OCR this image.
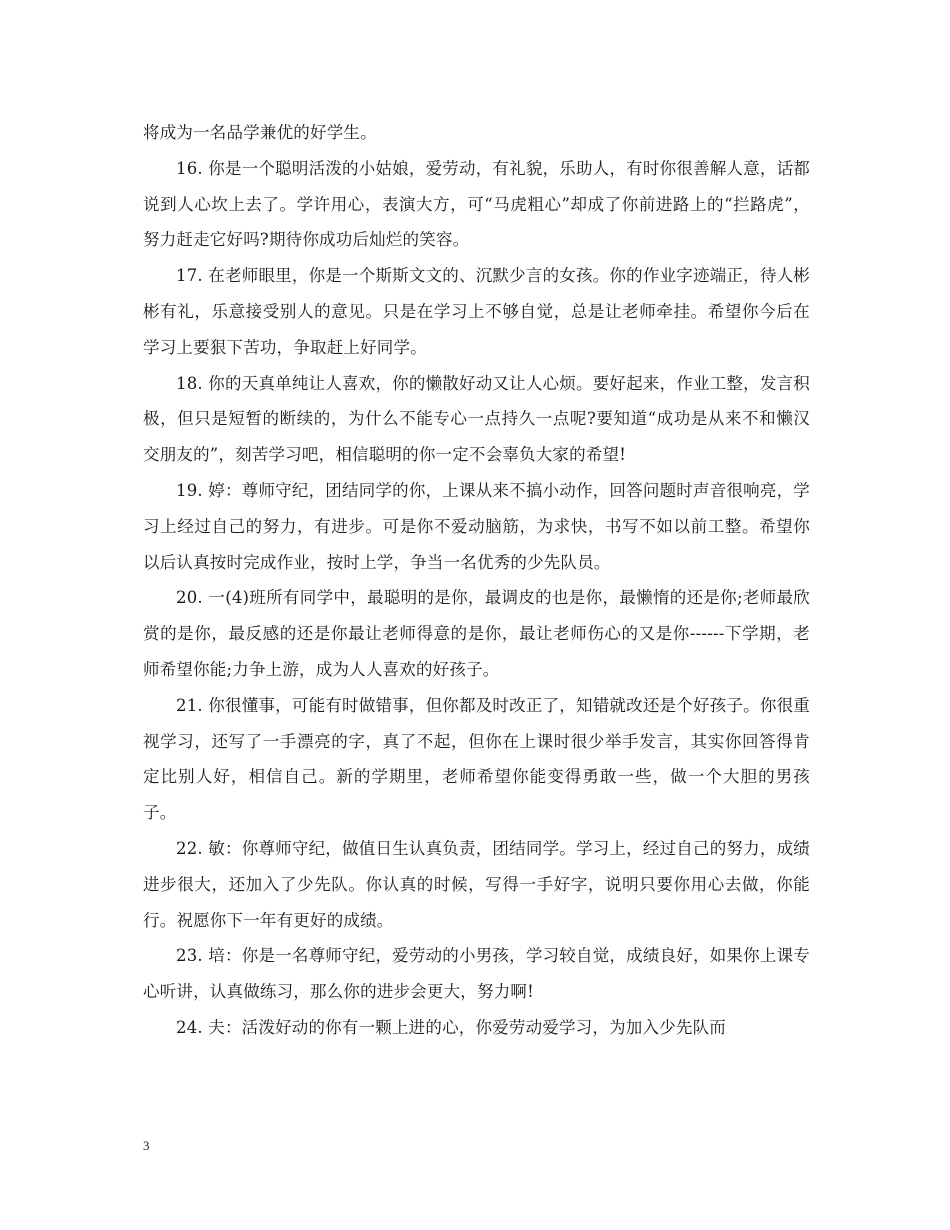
将成为一名品学兼优的好学生。

16. 你是一个聪明活泼的小姑娘，爱劳动，有礼貌，乐助人，有时你很善解人意，话都说到人心坎上去了。学许用心，表演大方，可“马虎粗心”却成了你前进路上的“拦路虎”，努力赶走它好吗?期待你成功后灿烂的笑容。

17. 在老师眼里，你是一个斯斯文文的、沉默少言的女孩。你的作业字迹端正，待人彬彬有礼，乐意接受别人的意见。只是在学习上不够自觉，总是让老师牵挂。希望你今后在学习上要狠下苦功，争取赶上好同学。

18. 你的天真单纯让人喜欢，你的懒散好动又让人心烦。要好起来，作业工整，发言积极，但只是短暂的断续的，为什么不能专心一点持久一点呢?要知道“成功是从来不和懒汉交朋友的”，刻苦学习吧，相信聪明的你一定不会辜负大家的希望!

19. 婷：尊师守纪，团结同学的你，上课从来不搞小动作，回答问题时声音很响亮，学习上经过自己的努力，有进步。可是你不爱动脑筋，为求快，书写不如以前工整。希望你以后认真按时完成作业，按时上学，争当一名优秀的少先队员。

20. 一(4)班所有同学中，最聪明的是你，最调皮的也是你，最懒惰的还是你;老师最欣赏的是你，最反感的还是你最让老师得意的是你，最让老师伤心的又是你------下学期，老师希望你能;力争上游，成为人人喜欢的好孩子。

21. 你很懂事，可能有时做错事，但你都及时改正了，知错就改还是个好孩子。你很重视学习，还写了一手漂亮的字，真了不起，但你在上课时很少举手发言，其实你回答得肯定比别人好，相信自己。新的学期里，老师希望你能变得勇敢一些，做一个大胆的男孩子。

22. 敏：你尊师守纪，做值日生认真负责，团结同学。学习上，经过自己的努力，成绩进步很大，还加入了少先队。你认真的时候，写得一手好字，说明只要你用心去做，你能行。祝愿你下一年有更好的成绩。

23. 培：你是一名尊师守纪，爱劳动的小男孩，学习较自觉，成绩良好，如果你上课专心听讲，认真做练习，那么你的进步会更大，努力啊!

24. 夫：活泼好动的你有一颗上进的心，你爱劳动爱学习，为加入少先队而

3
